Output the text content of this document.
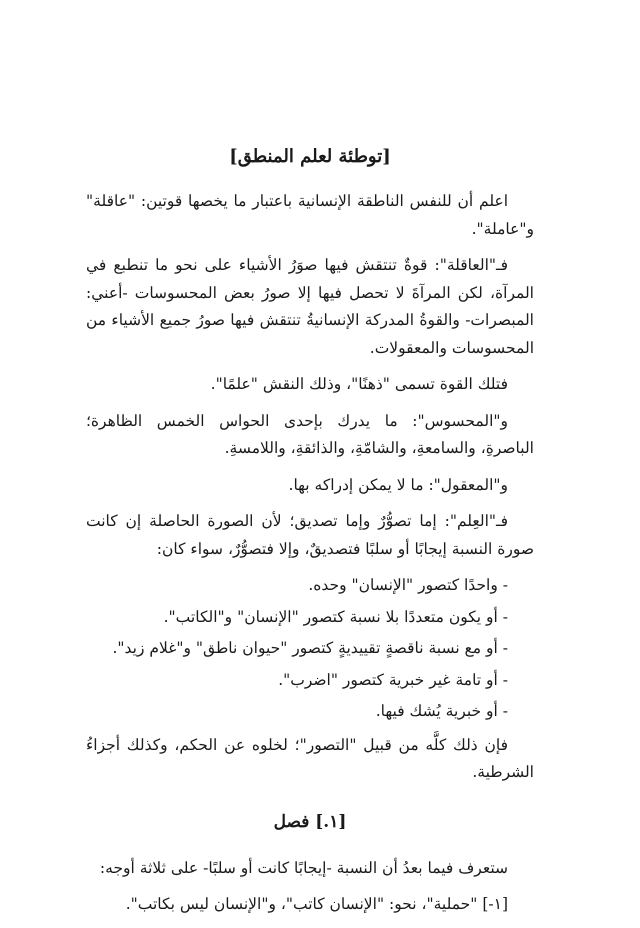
[توطئة لعلم المنطق]

اعلم أن للنفس الناطقة الإنسانية باعتبار ما يخصها قوتين: "عاقلة" و"عاملة".

فـ"العاقلة": قوةٌ تنتقش فيها صوَرُ الأشياء على نحو ما تنطبع في المرآة، لكن المرآةَ لا تحصل فيها إلا صورُ بعض المحسوسات -أعني: المبصرات- والقوةُ المدركة الإنسانيةُ تنتقش فيها صورُ جميع الأشياء من المحسوسات والمعقولات.

فتلك القوة تسمى "ذهنًا"، وذلك النقش "علمًا".

و"المحسوس": ما يدرك بإحدى الحواس الخمس الظاهرة؛ الباصرةِ، والسامعةِ، والشامّةِ، والذائقةِ، واللامسةِ.

و"المعقول": ما لا يمكن إدراكه بها.

فـ"العِلم": إما تصوُّرٌ وإما تصديق؛ لأن الصورة الحاصلة إن كانت صورة النسبة إيجابًا أو سلبًا فتصديقٌ، وإلا فتصوُّرٌ، سواء كان:

- واحدًا كتصور "الإنسان" وحده.
- أو يكون متعددًا بلا نسبة كتصور "الإنسان" و"الكاتب".
- أو مع نسبة ناقصةٍ تقييديةٍ كتصور "حيوان ناطق" و"غلام زيد".
- أو تامة غير خبرية كتصور "اضرب".
- أو خبرية يُشك فيها.

فإن ذلك كلَّه من قبيل "التصور"؛ لخلوه عن الحكم، وكذلك أجزاءُ الشرطية.

[١.] فصل

ستعرف فيما بعدُ أن النسبة -إيجابًا كانت أو سلبًا- على ثلاثة أوجه:

[١-] "حملية"، نحو: "الإنسان كاتب"، و"الإنسان ليس بكاتب".
